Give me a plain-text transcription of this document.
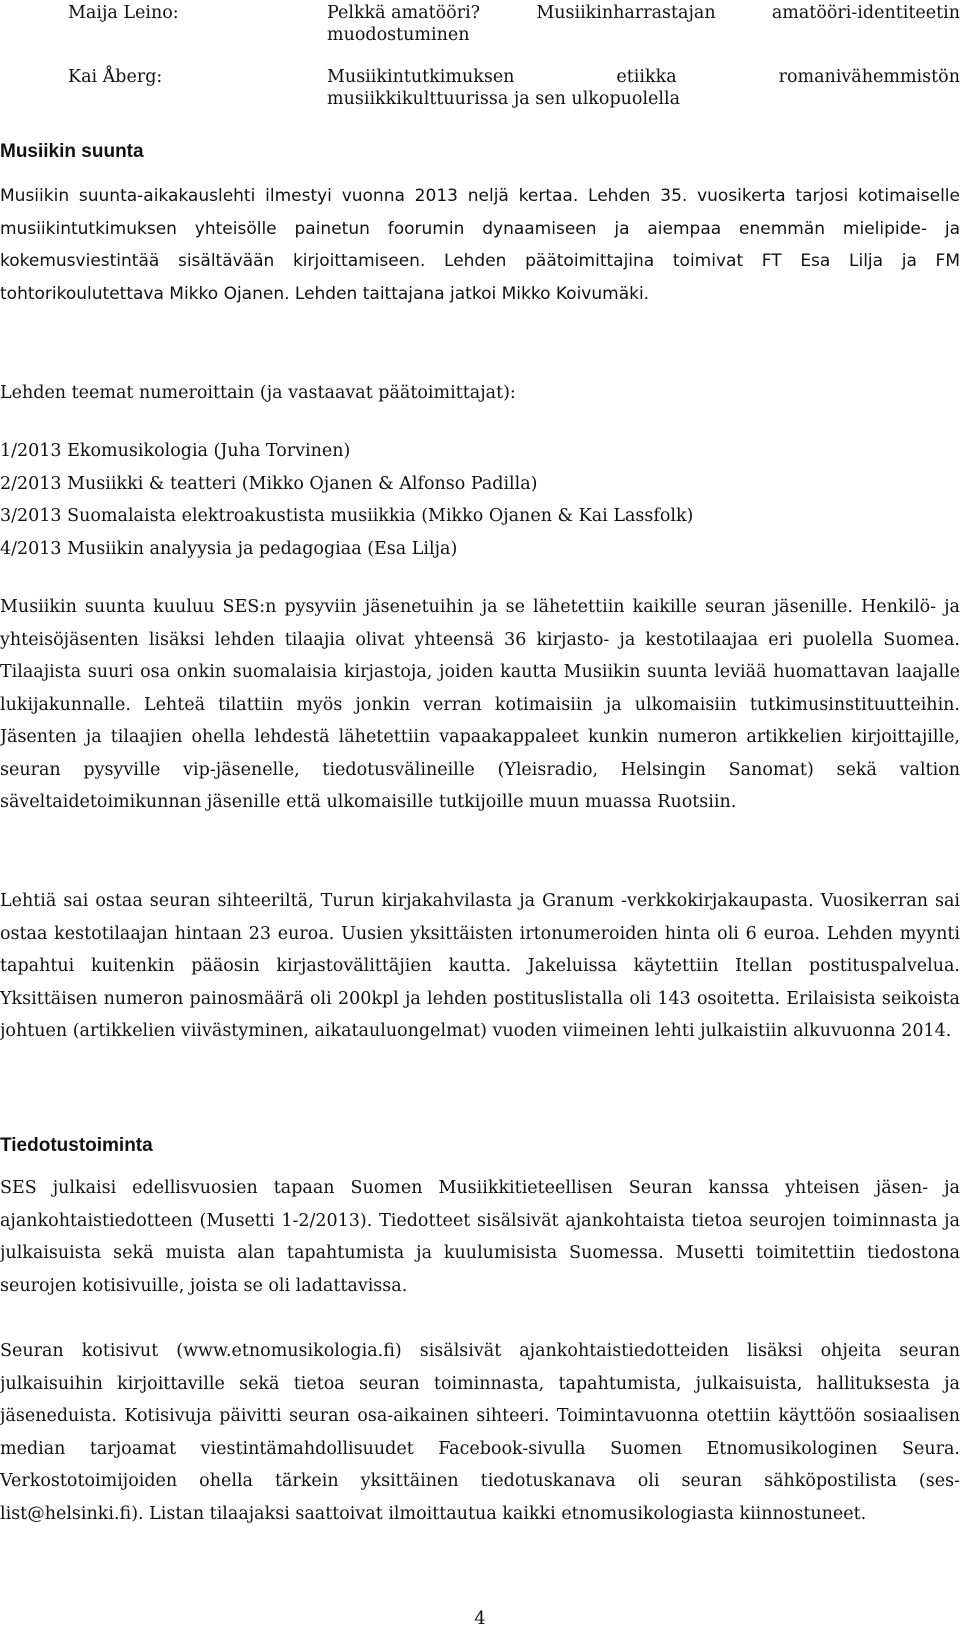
Maija Leino:	Pelkkä amatööri?	Musiikinharrastajan	amatööri-identiteetin
muodostuminen
Kai Åberg:	Musiikintutkimuksen	etiikka	romanivähemmistön
musiikkikulttuurissa ja sen ulkopuolella
Musiikin suunta
Musiikin suunta-aikakauslehti ilmestyi vuonna 2013 neljä kertaa. Lehden 35. vuosikerta tarjosi kotimaiselle musiikintutkimuksen yhteisölle painetun foorumin dynaamiseen ja aiempaa enemmän mielipide- ja kokemusviestintää sisältävään kirjoittamiseen. Lehden päätoimittajina toimivat FT Esa Lilja ja FM tohtorikoulutettava Mikko Ojanen. Lehden taittajana jatkoi Mikko Koivumäki.
Lehden teemat numeroittain (ja vastaavat päätoimittajat):
1/2013 Ekomusikologia (Juha Torvinen)
2/2013 Musiikki & teatteri (Mikko Ojanen & Alfonso Padilla)
3/2013 Suomalaista elektroakustista musiikkia (Mikko Ojanen & Kai Lassfolk)
4/2013 Musiikin analyysia ja pedagogiaa (Esa Lilja)
Musiikin suunta kuuluu SES:n pysyviin jäsenetuihin ja se lähetettiin kaikille seuran jäsenille. Henkilö- ja yhteisöjäsenten lisäksi lehden tilaajia olivat yhteensä 36 kirjasto- ja kestotilaajaa eri puolella Suomea. Tilaajista suuri osa onkin suomalaisia kirjastoja, joiden kautta Musiikin suunta leviää huomattavan laajalle lukijakunnalle. Lehteä tilattiin myös jonkin verran kotimaisiin ja ulkomaisiin tutkimusinstituutteihin. Jäsenten ja tilaajien ohella lehdestä lähetettiin vapaakappaleet kunkin numeron artikkelien kirjoittajille, seuran pysyville vip-jäsenelle, tiedotusvälineille (Yleisradio, Helsingin Sanomat) sekä valtion säveltaidetoimikunnan jäsenille että ulkomaisille tutkijoille muun muassa Ruotsiin.
Lehtiä sai ostaa seuran sihteeriltä, Turun kirjakahvilasta ja Granum -verkkokirjakaupasta. Vuosikerran sai ostaa kestotilaajan hintaan 23 euroa. Uusien yksittäisten irtonumeroiden hinta oli 6 euroa. Lehden myynti tapahtui kuitenkin pääosin kirjastovälittäjien kautta. Jakeluissa käytettiin Itellan postituspalvelua. Yksittäisen numeron painosmäärä oli 200kpl ja lehden postituslistalla oli 143 osoitetta. Erilaisista seikoista johtuen (artikkelien viivästyminen, aikatauluongelmat) vuoden viimeinen lehti julkaistiin alkuvuonna 2014.
Tiedotustoiminta
SES julkaisi edellisvuosien tapaan Suomen Musiikkitieteellisen Seuran kanssa yhteisen jäsen- ja ajankohtaistiedotteen (Musetti 1-2/2013). Tiedotteet sisälsivät ajankohtaista tietoa seurojen toiminnasta ja julkaisuista sekä muista alan tapahtumista ja kuulumisista Suomessa. Musetti toimitettiin tiedostona seurojen kotisivuille, joista se oli ladattavissa.
Seuran kotisivut (www.etnomusikologia.fi) sisälsivät ajankohtaistiedotteiden lisäksi ohjeita seuran julkaisuihin kirjoittaville sekä tietoa seuran toiminnasta, tapahtumista, julkaisuista, hallituksesta ja jäseneduista. Kotisivuja päivitti seuran osa-aikainen sihteeri. Toimintavuonna otettiin käyttöön sosiaalisen median tarjoamat viestintämahdollisuudet Facebook-sivulla Suomen Etnomusikologinen Seura. Verkostotoimijoiden ohella tärkein yksittäinen tiedotuskanava oli seuran sähköpostilista (ses-list@helsinki.fi). Listan tilaajaksi saattoivat ilmoittautua kaikki etnomusikologiasta kiinnostuneet.
4
